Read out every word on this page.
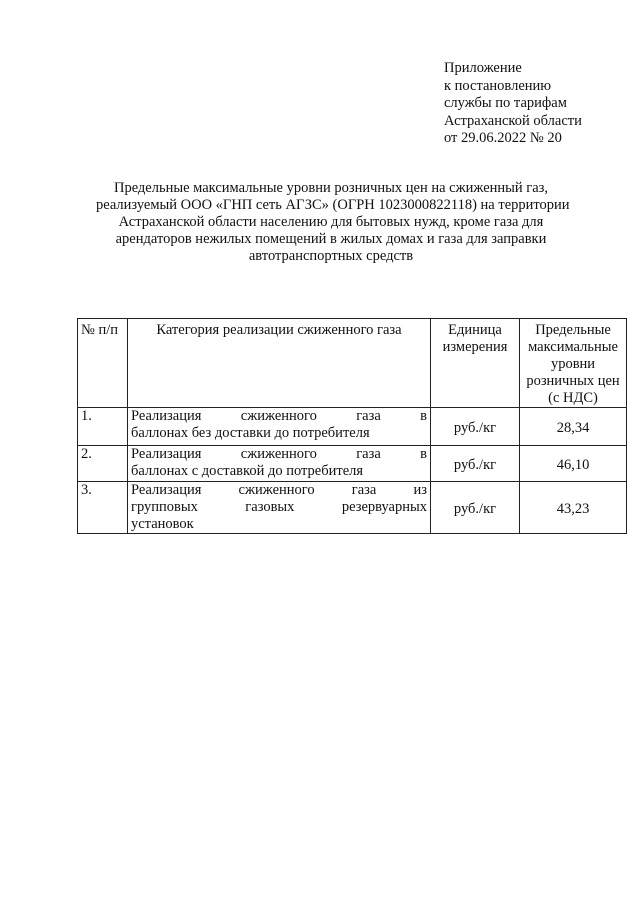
Приложение
к постановлению
службы по тарифам
Астраханской области
от 29.06.2022 № 20
Предельные максимальные уровни розничных цен на сжиженный газ,
реализуемый ООО «ГНП сеть АГЗС» (ОГРН 1023000822118) на территории
Астраханской области населению для бытовых нужд, кроме газа для
арендаторов нежилых помещений в жилых домах и газа для заправки
автотранспортных средств
№ п/п	Категория реализации сжиженного газа	Единица измерения	Предельные максимальные уровни розничных цен (с НДС)
1.	Реализация сжиженного газа в
баллонах без доставки до потребителя	руб./кг	28,34
2.	Реализация сжиженного газа в
баллонах с доставкой до потребителя	руб./кг	46,10
3.	Реализация сжиженного газа из
групповых газовых резервуарных
установок	руб./кг	43,23
